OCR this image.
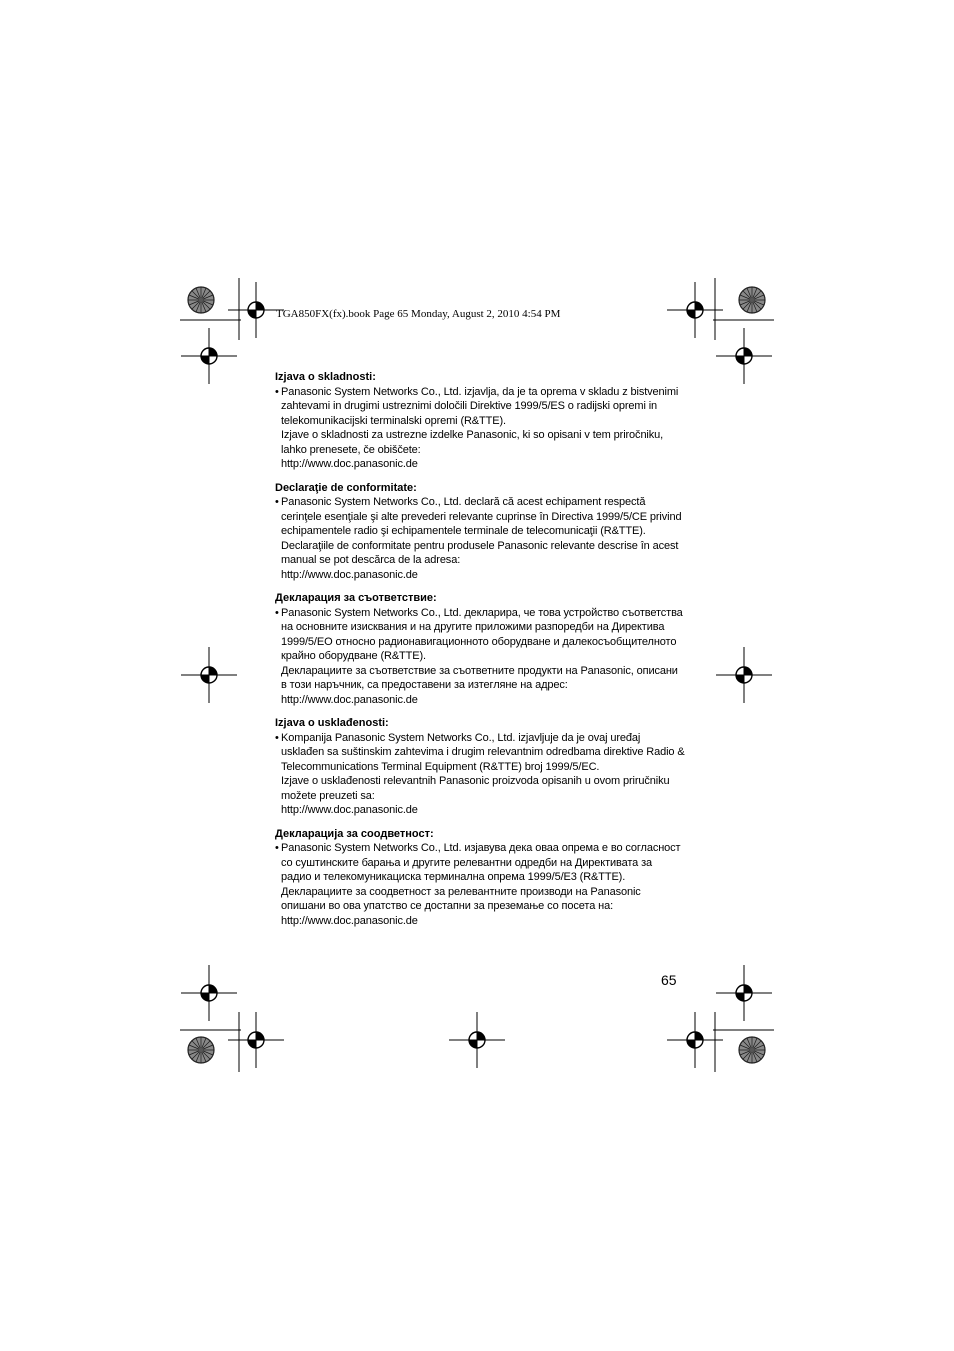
TGA850FX(fx).book Page 65 Monday, August 2, 2010 4:54 PM

Izjava o skladnosti:

• Panasonic System Networks Co., Ltd. izjavlja, da je ta oprema v skladu z bistvenimi zahtevami in drugimi ustreznimi določili Direktive 1999/5/ES o radijski opremi in telekomunikacijski terminalski opremi (R&TTE).

Izjave o skladnosti za ustrezne izdelke Panasonic, ki so opisani v tem priročniku, lahko prenesete, če obiščete:

http://www.doc.panasonic.de

Declaraţie de conformitate:

• Panasonic System Networks Co., Ltd. declară că acest echipament respectă cerinţele esenţiale şi alte prevederi relevante cuprinse în Directiva 1999/5/CE privind echipamentele radio şi echipamentele terminale de telecomunicaţii (R&TTE).

Declaraţiile de conformitate pentru produsele Panasonic relevante descrise în acest manual se pot descărca de la adresa:

http://www.doc.panasonic.de

Декларация за съответствие:

• Panasonic System Networks Co., Ltd. декларира, че това устройство съответства на основните изисквания и на другите приложими разпоредби на Директива 1999/5/EO относно радионавигационното оборудване и далекосъобщителното крайно оборудване (R&TTE).

Декларациите за съответствие за съответните продукти на Panasonic, описани в този наръчник, са предоставени за изтегляне на адрес:

http://www.doc.panasonic.de

Izjava o usklađenosti:

• Kompanija Panasonic System Networks Co., Ltd. izjavljuje da je ovaj uređaj usklađen sa suštinskim zahtevima i drugim relevantnim odredbama direktive Radio & Telecommunications Terminal Equipment (R&TTE) broj 1999/5/EC.

Izjave o usklađenosti relevantnih Panasonic proizvoda opisanih u ovom priručniku možete preuzeti sa:

http://www.doc.panasonic.de

Декларација за соодветност:

• Panasonic System Networks Co., Ltd. изјавува дека оваа опрема е во согласност со суштинските барања и другите релевантни одредби на Директивата за радио и телекомуникациска терминална опрема 1999/5/Е3 (R&TTE).

Декларациите за соодветност за релевантните производи на Panasonic опишани во ова упатство се достапни за преземање со посета на:

http://www.doc.panasonic.de

65
